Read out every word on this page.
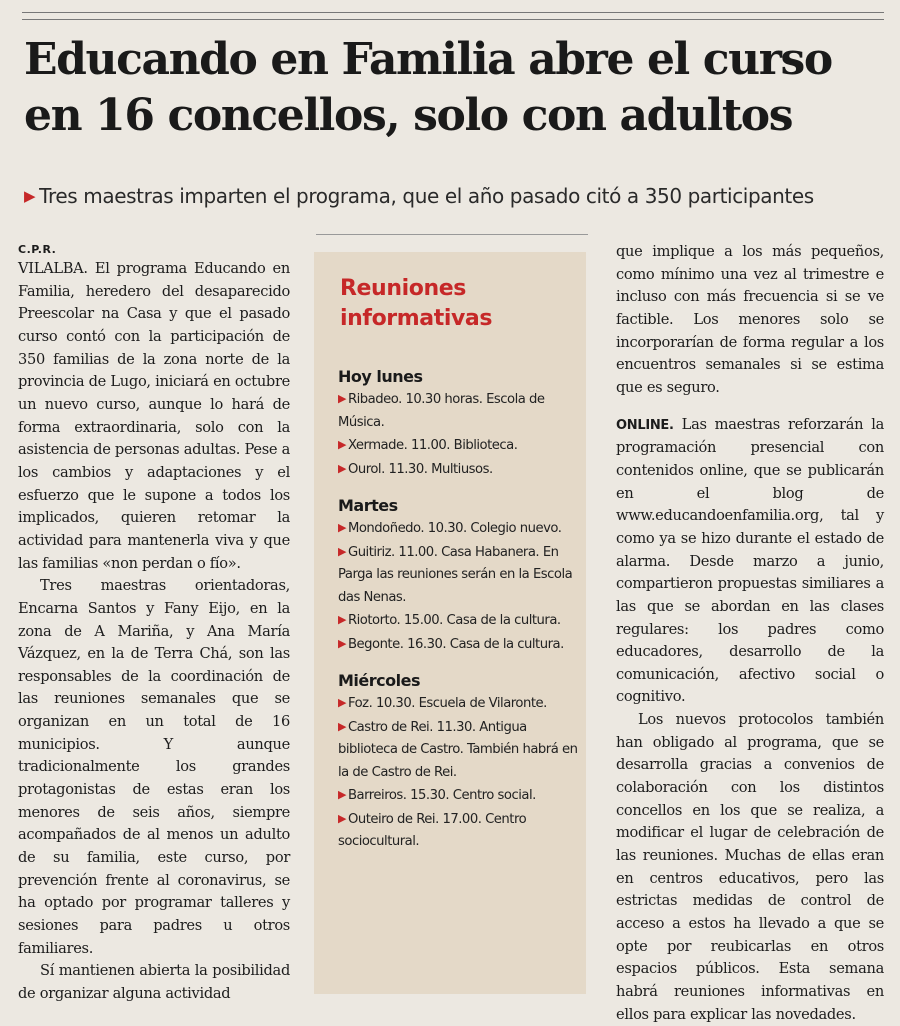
Educando en Familia abre el curso en 16 concellos, solo con adultos
▶ Tres maestras imparten el programa, que el año pasado citó a 350 participantes
C.P.R.

VILALBA. El programa Educando en Familia, heredero del desaparecido Preescolar na Casa y que el pasado curso contó con la participación de 350 familias de la zona norte de la provincia de Lugo, iniciará en octubre un nuevo curso, aunque lo hará de forma extraordinaria, solo con la asistencia de personas adultas. Pese a los cambios y adaptaciones y el esfuerzo que le supone a todos los implicados, quieren retomar la actividad para mantenerla viva y que las familias «non perdan o fío».

Tres maestras orientadoras, Encarna Santos y Fany Eijo, en la zona de A Mariña, y Ana María Vázquez, en la de Terra Chá, son las responsables de la coordinación de las reuniones semanales que se organizan en un total de 16 municipios. Y aunque tradicionalmente los grandes protagonistas de estas eran los menores de seis años, siempre acompañados de al menos un adulto de su familia, este curso, por prevención frente al coronavirus, se ha optado por programar talleres y sesiones para padres u otros familiares.

Sí mantienen abierta la posibilidad de organizar alguna actividad

Reuniones informativas

Hoy lunes

▶ Ribadeo. 10.30 horas. Escola de Música.

▶ Xermade. 11.00. Biblioteca.

▶ Ourol. 11.30. Multiusos.

Martes

▶ Mondoñedo. 10.30. Colegio nuevo.

▶ Guitiriz. 11.00. Casa Habanera. En Parga las reuniones serán en la Escola das Nenas.

▶ Riotorto. 15.00. Casa de la cultura.

▶ Begonte. 16.30. Casa de la cultura.

Miércoles

▶ Foz. 10.30. Escuela de Vilaronte.

▶ Castro de Rei. 11.30. Antigua biblioteca de Castro. También habrá en la de Castro de Rei.

▶ Barreiros. 15.30. Centro social.

▶ Outeiro de Rei. 17.00. Centro sociocultural.

que implique a los más pequeños, como mínimo una vez al trimestre e incluso con más frecuencia si se ve factible. Los menores solo se incorporarían de forma regular a los encuentros semanales si se estima que es seguro.

ONLINE. Las maestras reforzarán la programación presencial con contenidos online, que se publicarán en el blog de www.educandoenfamilia.org, tal y como ya se hizo durante el estado de alarma. Desde marzo a junio, compartieron propuestas similiares a las que se abordan en las clases regulares: los padres como educadores, desarrollo de la comunicación, afectivo social o cognitivo.

Los nuevos protocolos también han obligado al programa, que se desarrolla gracias a convenios de colaboración con los distintos concellos en los que se realiza, a modificar el lugar de celebración de las reuniones. Muchas de ellas eran en centros educativos, pero las estrictas medidas de control de acceso a estos ha llevado a que se opte por reubicarlas en otros espacios públicos. Esta semana habrá reuniones informativas en ellos para explicar las novedades.
